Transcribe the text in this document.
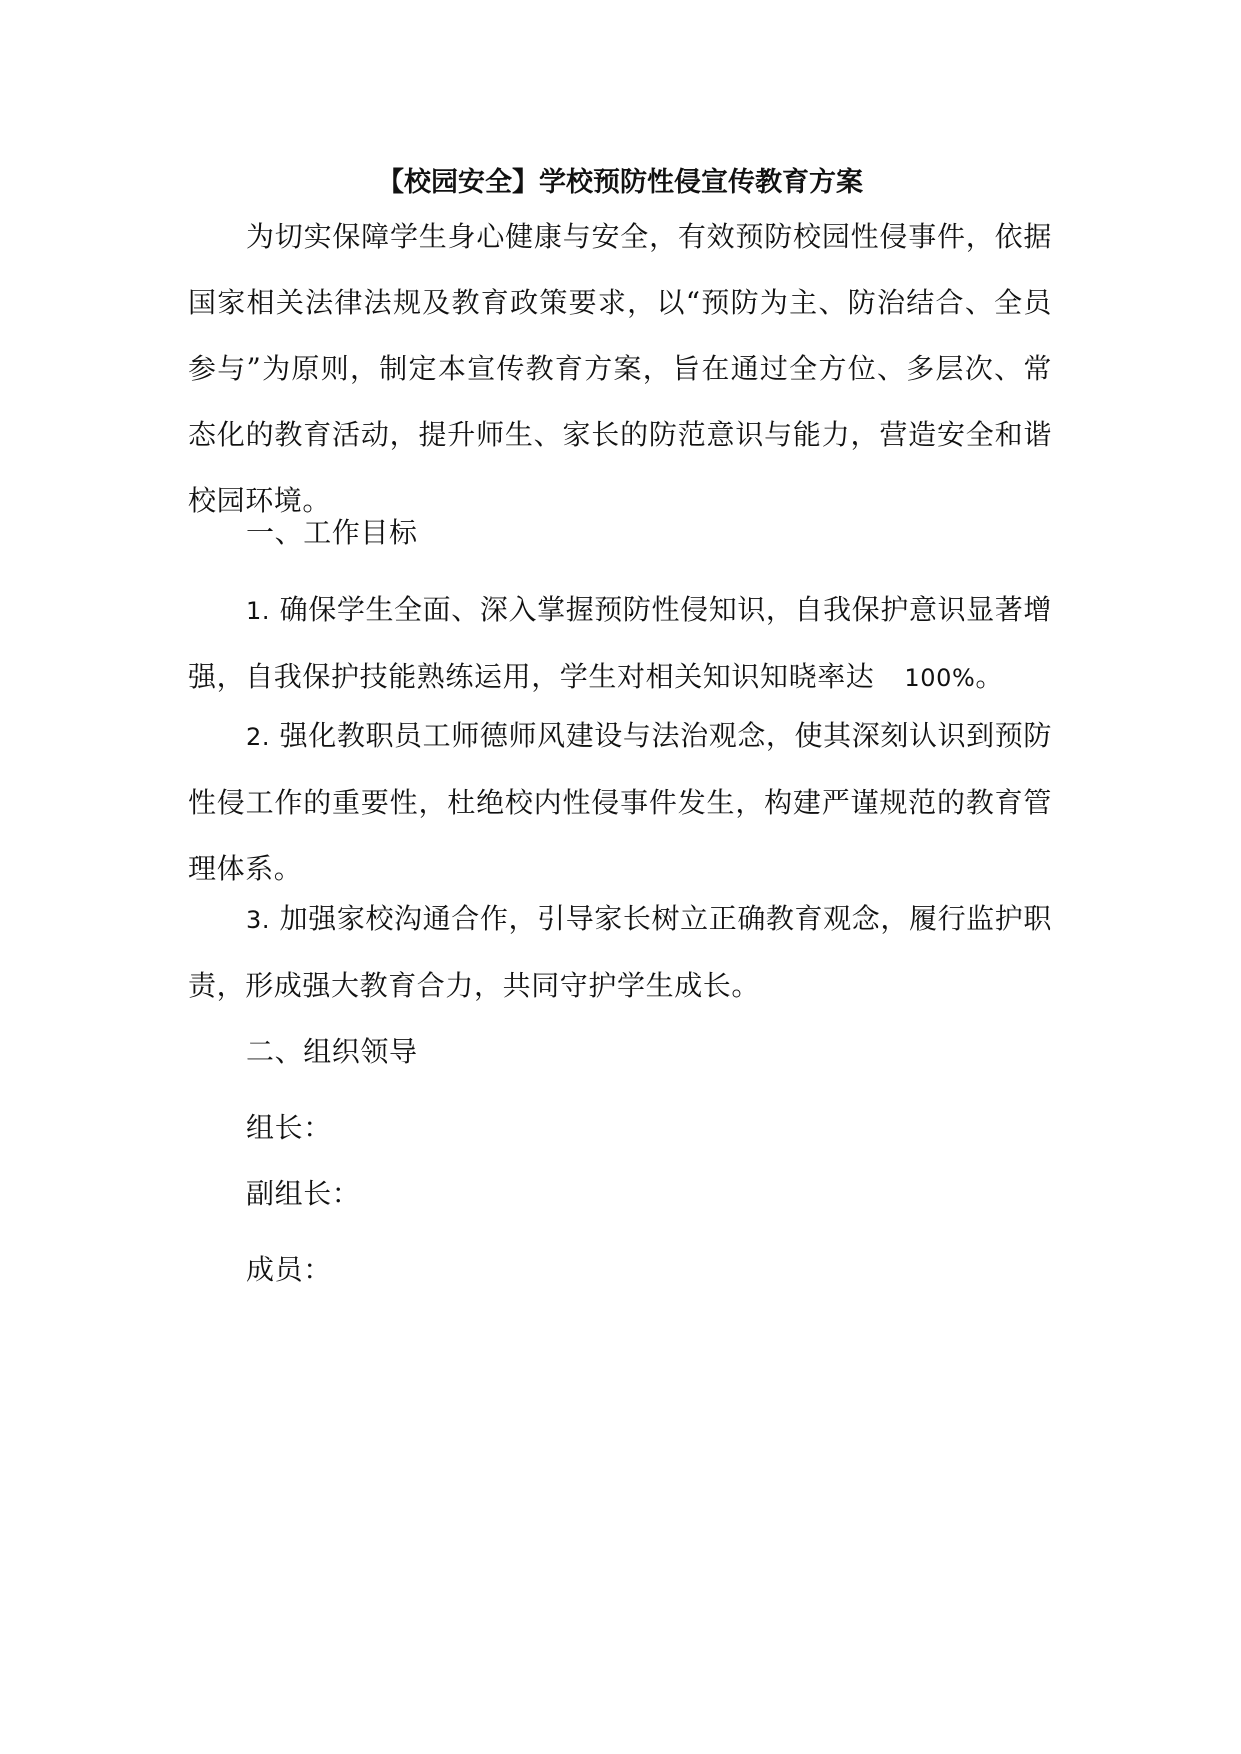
【校园安全】学校预防性侵宣传教育方案

为切实保障学生身心健康与安全，有效预防校园性侵事件，依据国家相关法律法规及教育政策要求，以“预防为主、防治结合、全员参与”为原则，制定本宣传教育方案，旨在通过全方位、多层次、常态化的教育活动，提升师生、家长的防范意识与能力，营造安全和谐校园环境。

一、工作目标

1. 确保学生全面、深入掌握预防性侵知识，自我保护意识显著增强，自我保护技能熟练运用，学生对相关知识知晓率达 100%。

2. 强化教职员工师德师风建设与法治观念，使其深刻认识到预防性侵工作的重要性，杜绝校内性侵事件发生，构建严谨规范的教育管理体系。

3. 加强家校沟通合作，引导家长树立正确教育观念，履行监护职责，形成强大教育合力，共同守护学生成长。

二、组织领导

组长：

副组长：

成员：
